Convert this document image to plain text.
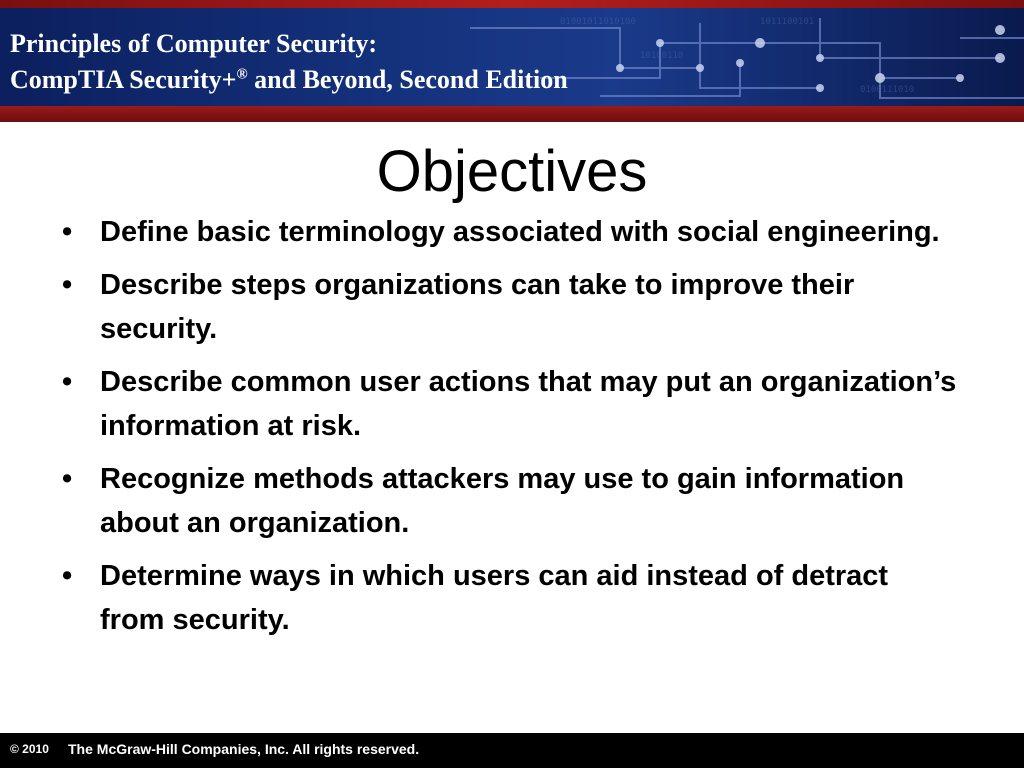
01001011010100	1011100101
0100111010
10100110
Principles of Computer Security:
CompTIA Security+® and Beyond, Second Edition
Objectives
• Define basic terminology associated with social engineering.
• Describe steps organizations can take to improve their security.
• Describe common user actions that may put an organization’s information at risk.
• Recognize methods attackers may use to gain information about an organization.
• Determine ways in which users can aid instead of detract from security.
© 2010 The McGraw-Hill Companies, Inc. All rights reserved.
